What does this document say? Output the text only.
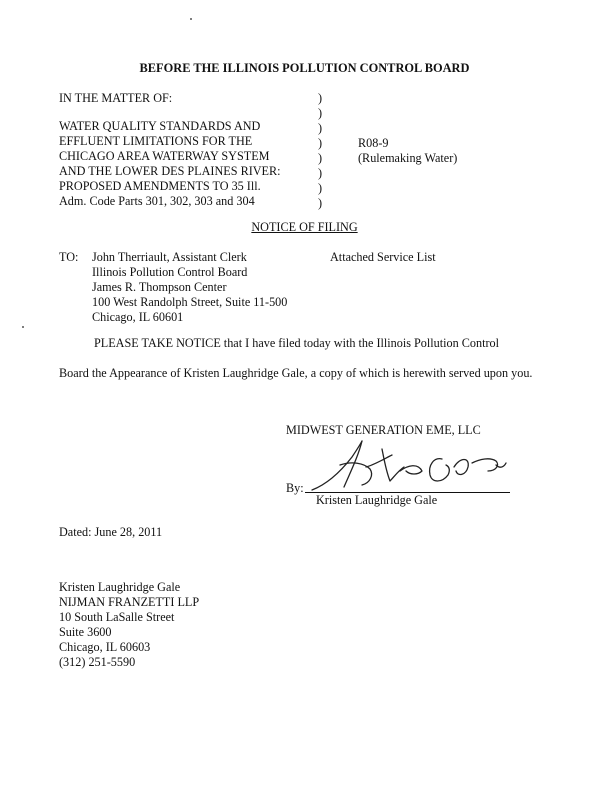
BEFORE THE ILLINOIS POLLUTION CONTROL BOARD
IN THE MATTER OF:
WATER QUALITY STANDARDS AND
EFFLUENT LIMITATIONS FOR THE
CHICAGO AREA WATERWAY SYSTEM
AND THE LOWER DES PLAINES RIVER:
PROPOSED AMENDMENTS TO 35 Ill.
Adm. Code Parts 301, 302, 303 and 304
)
)
)
)
)
)
)
)
R08-9
(Rulemaking Water)
NOTICE OF FILING
TO: John Therriault, Assistant Clerk
Illinois Pollution Control Board
James R. Thompson Center
100 West Randolph Street, Suite 11-500
Chicago, IL 60601
Attached Service List
PLEASE TAKE NOTICE that I have filed today with the Illinois Pollution Control
Board the Appearance of Kristen Laughridge Gale, a copy of which is herewith served upon you.
MIDWEST GENERATION EME, LLC
By:
Kristen Laughridge Gale
Dated: June 28, 2011
Kristen Laughridge Gale
NIJMAN FRANZETTI LLP
10 South LaSalle Street
Suite 3600
Chicago, IL 60603
(312) 251-5590
